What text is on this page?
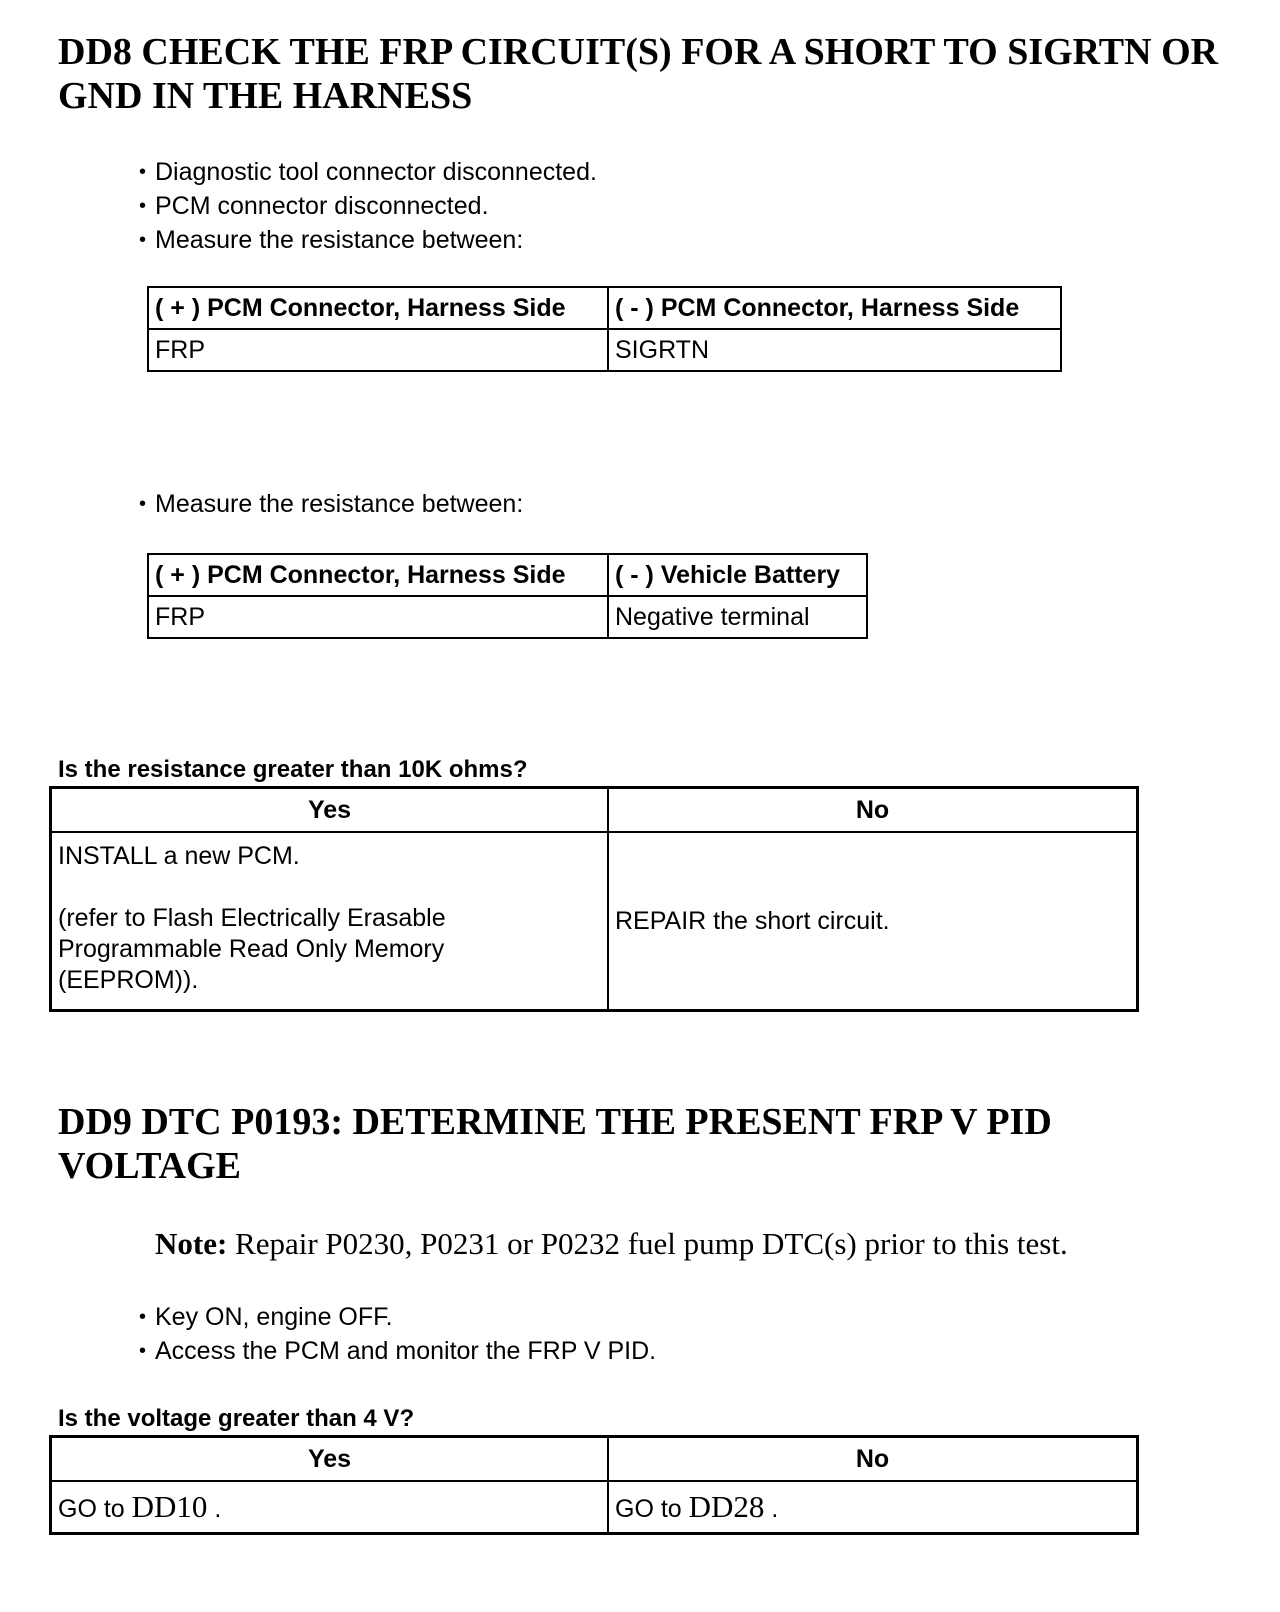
DD8 CHECK THE FRP CIRCUIT(S) FOR A SHORT TO SIGRTN OR
GND IN THE HARNESS
• Diagnostic tool connector disconnected.
• PCM connector disconnected.
• Measure the resistance between:
( + ) PCM Connector, Harness Side	( - ) PCM Connector, Harness Side
FRP	SIGRTN
• Measure the resistance between:
( + ) PCM Connector, Harness Side	( - ) Vehicle Battery
FRP	Negative terminal

Is the resistance greater than 10K ohms?

Yes	No
INSTALL a new PCM.

(refer to Flash Electrically Erasable
Programmable Read Only Memory
(EEPROM)).	REPAIR the short circuit.
DD9 DTC P0193: DETERMINE THE PRESENT FRP V PID
VOLTAGE

Note: Repair P0230, P0231 or P0232 fuel pump DTC(s) prior to this test.

• Key ON, engine OFF.
• Access the PCM and monitor the FRP V PID.

Is the voltage greater than 4 V?

Yes	No
GO to DD10 .	GO to DD28 .
